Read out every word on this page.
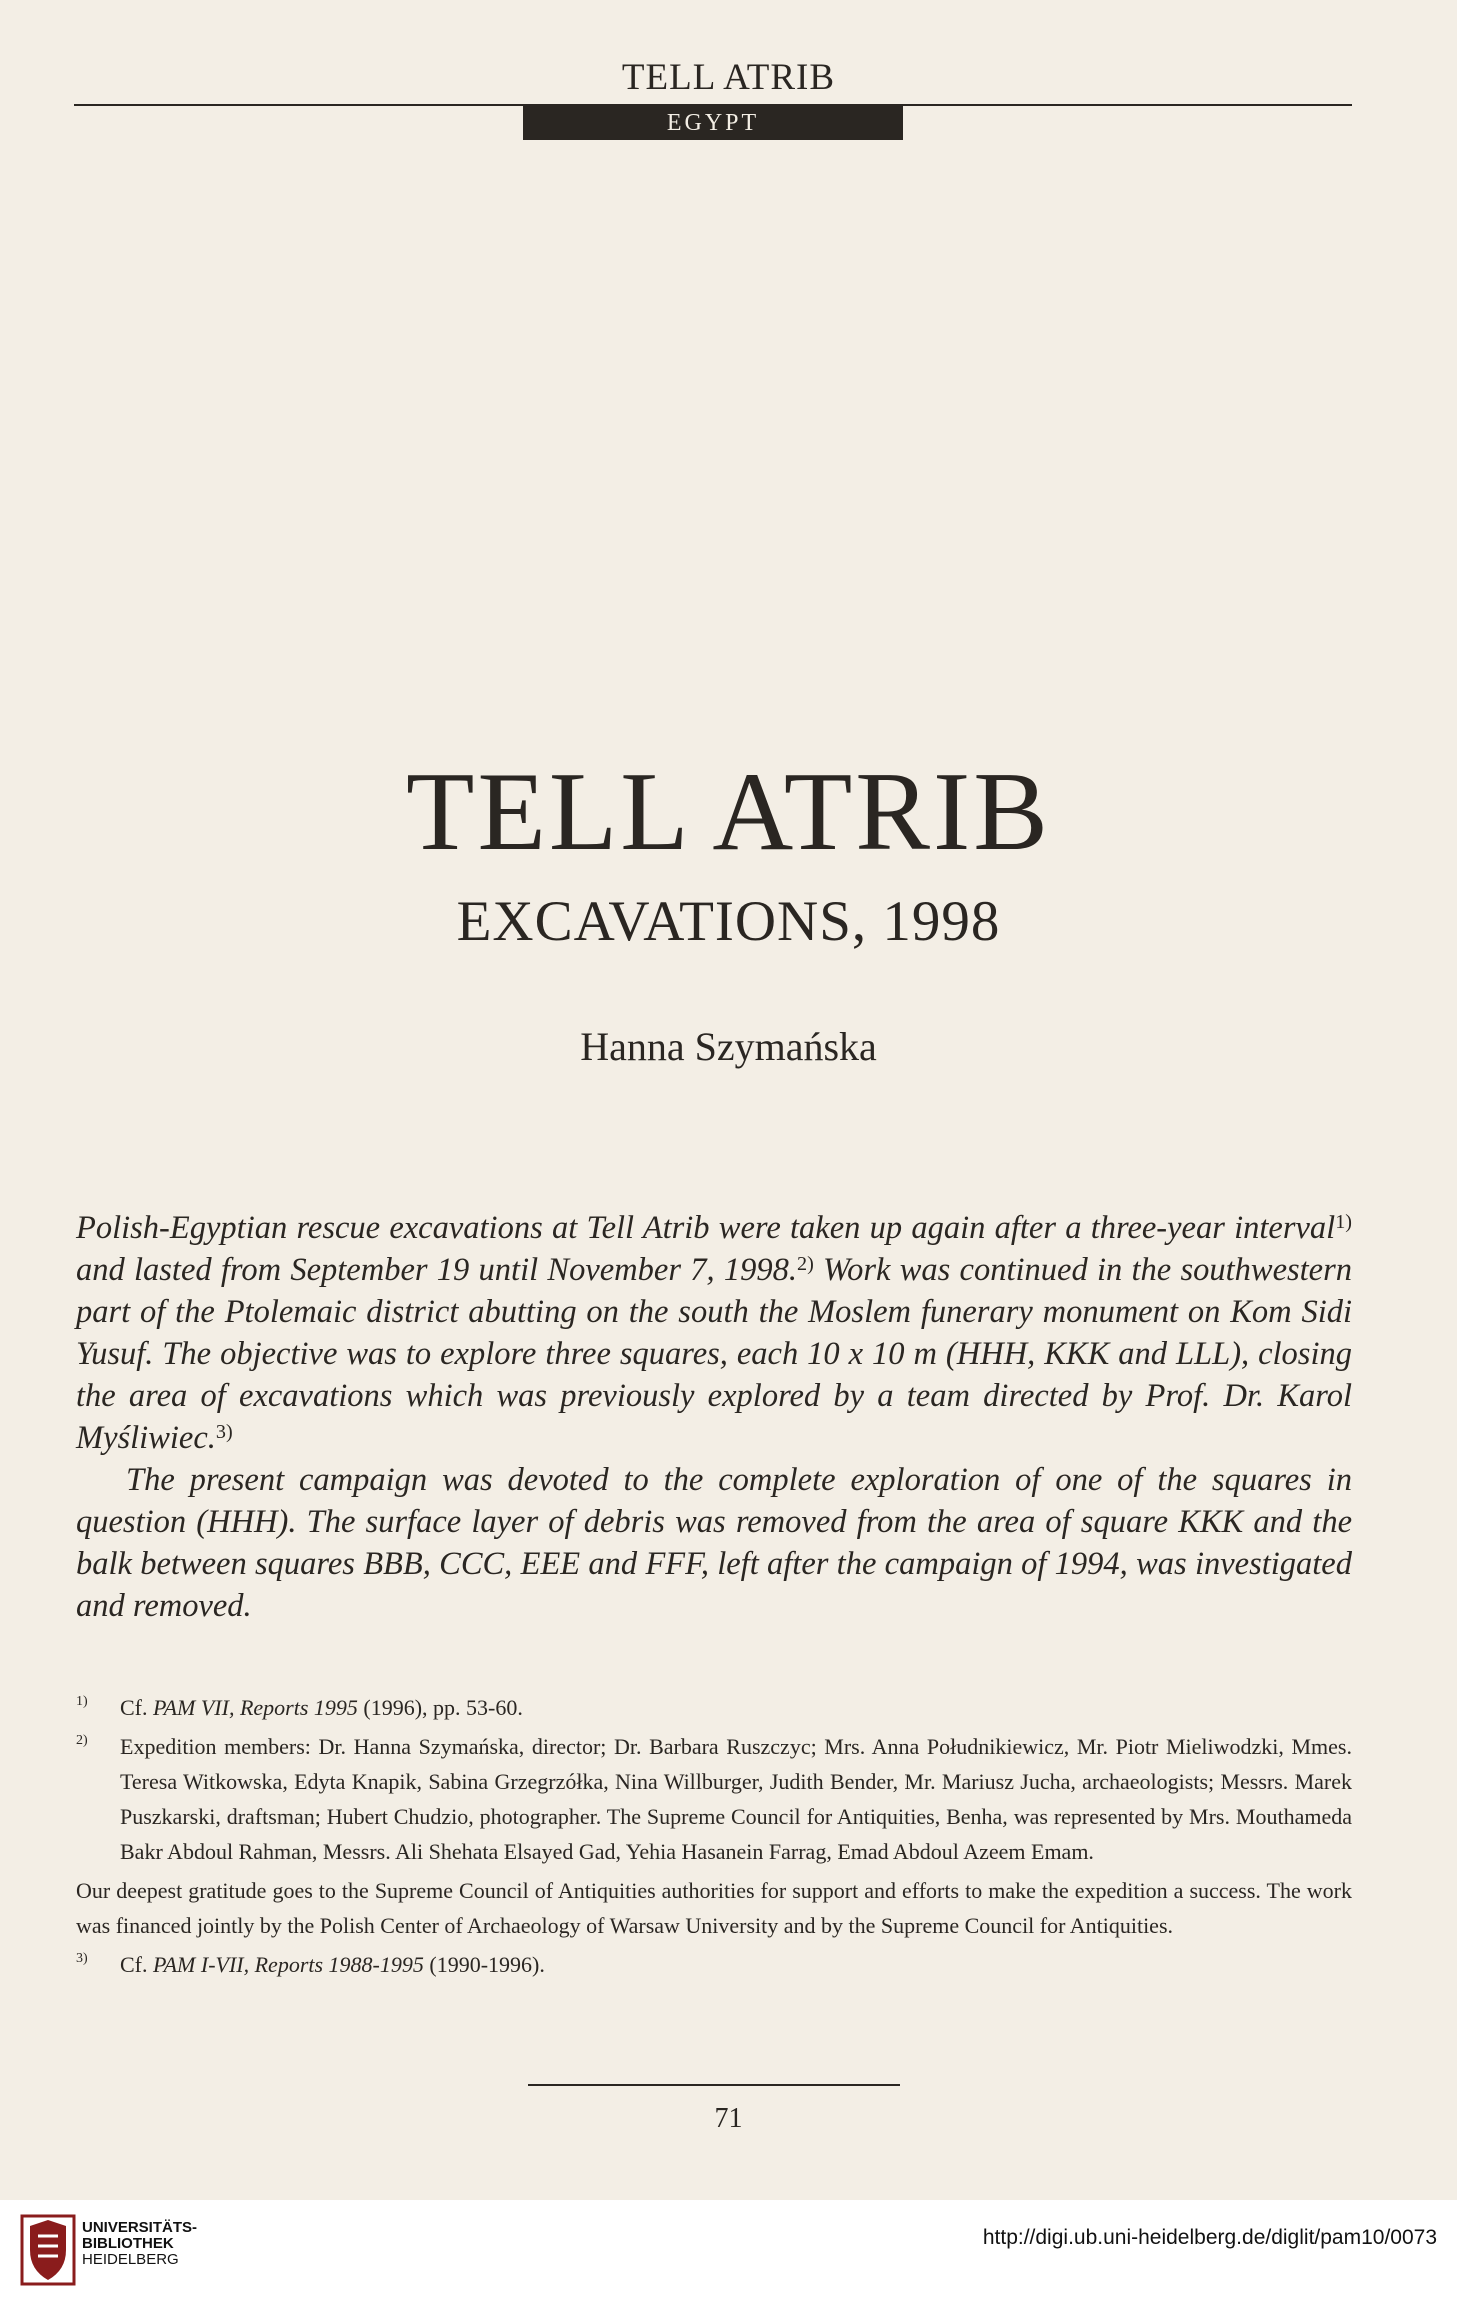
TELL ATRIB
EGYPT
TELL ATRIB
EXCAVATIONS, 1998
Hanna Szymańska

Polish-Egyptian rescue excavations at Tell Atrib were taken up again after a three-year interval$^{1)}$ and lasted from September 19 until November 7, 1998.$^{2)}$ Work was continued in the southwestern part of the Ptolemaic district abutting on the south the Moslem funerary monument on Kom Sidi Yusuf. The objective was to explore three squares, each 10 x 10 m (HHH, KKK and LLL), closing the area of excavations which was previously explored by a team directed by Prof. Dr. Karol Myśliwiec.$^{3)}$

The present campaign was devoted to the complete exploration of one of the squares in question (HHH). The surface layer of debris was removed from the area of square KKK and the balk between squares BBB, CCC, EEE and FFF, left after the campaign of 1994, was investigated and removed.

1)	Cf. PAM VII, Reports 1995 (1996), pp. 53-60.
2)	Expedition members: Dr. Hanna Szymańska, director; Dr. Barbara Ruszczyc; Mrs. Anna Południkiewicz, Mr. Piotr Mieliwodzki, Mmes. Teresa Witkowska, Edyta Knapik, Sabina Grzegrzółka, Nina Willburger, Judith Bender, Mr. Mariusz Jucha, archaeologists; Messrs. Marek Puszkarski, draftsman; Hubert Chudzio, photographer. The Supreme Council for Antiquities, Benha, was represented by Mrs. Mouthameda Bakr Abdoul Rahman, Messrs. Ali Shehata Elsayed Gad, Yehia Hasanein Farrag, Emad Abdoul Azeem Emam.

Our deepest gratitude goes to the Supreme Council of Antiquities authorities for support and efforts to make the expedition a success. The work was financed jointly by the Polish Center of Archaeology of Warsaw University and by the Supreme Council for Antiquities.

3)	Cf. PAM I-VII, Reports 1988-1995 (1990-1996).
71
UNIVERSITÄTS-
BIBLIOTHEK
HEIDELBERG
http://digi.ub.uni-heidelberg.de/diglit/pam10/0073
